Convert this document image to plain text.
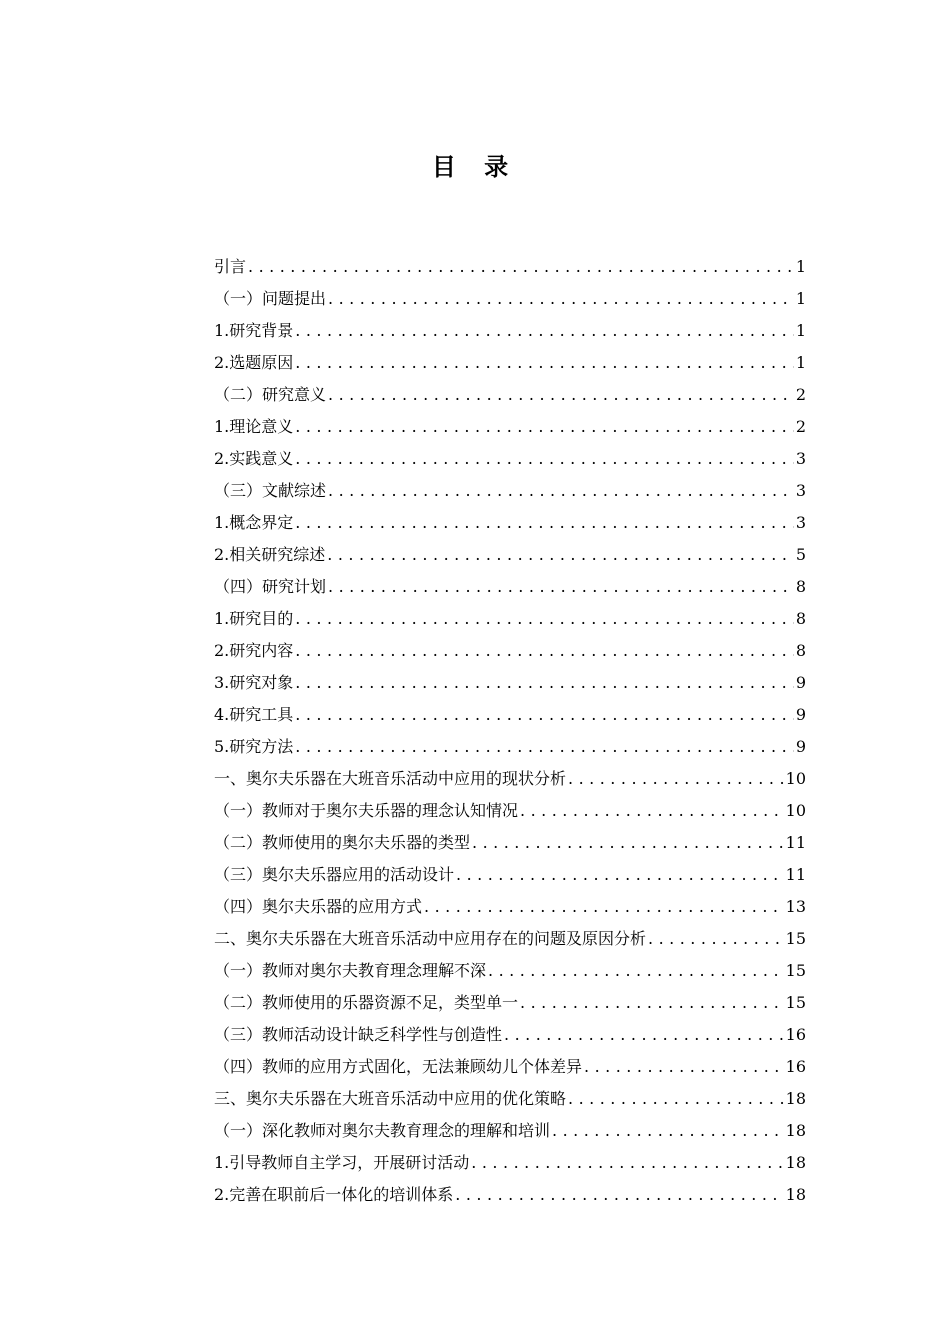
目 录
引言 . . .	1
（一）问题提出 . . .	1
1.研究背景 . . .	1
2.选题原因 . . .	1
（二）研究意义 . . .	2
1.理论意义 . . .	2
2.实践意义 . . .	3
（三）文献综述 . . .	3
1.概念界定 . . .	3
2.相关研究综述 . . .	5
（四）研究计划 . . .	8
1.研究目的 . . .	8
2.研究内容 . . .	8
3.研究对象 . . .	9
4.研究工具 . . .	9
5.研究方法 . . .	9
一、奥尔夫乐器在大班音乐活动中应用的现状分析 . . .	10
（一）教师对于奥尔夫乐器的理念认知情况 . . .	10
（二）教师使用的奥尔夫乐器的类型 . . .	11
（三）奥尔夫乐器应用的活动设计 . . .	11
（四）奥尔夫乐器的应用方式 . . .	13
二、奥尔夫乐器在大班音乐活动中应用存在的问题及原因分析 . . .	15
（一）教师对奥尔夫教育理念理解不深 . . .	15
（二）教师使用的乐器资源不足，类型单一 . . .	15
（三）教师活动设计缺乏科学性与创造性 . . .	16
（四）教师的应用方式固化，无法兼顾幼儿个体差异 . . .	16
三、奥尔夫乐器在大班音乐活动中应用的优化策略 . . .	18
（一）深化教师对奥尔夫教育理念的理解和培训 . . .	18
1.引导教师自主学习，开展研讨活动 . . .	18
2.完善在职前后一体化的培训体系 . . .	18
